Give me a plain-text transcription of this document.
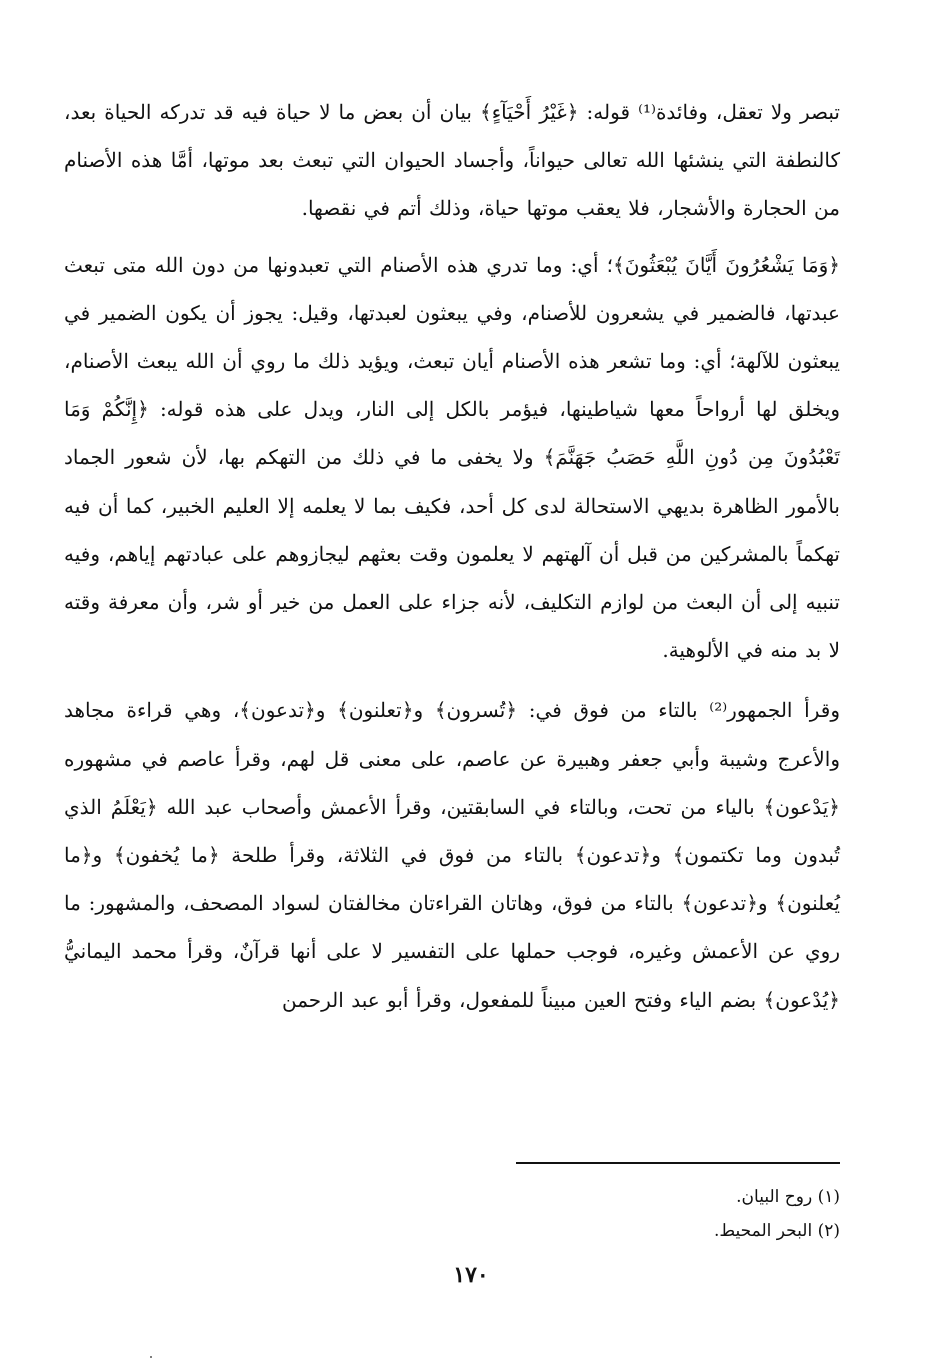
تبصر ولا تعقل، وفائدة⁽¹⁾ قوله: ﴿غَيْرُ أَحْيَآءٍ﴾ بيان أن بعض ما لا حياة فيه قد تدركه الحياة بعد، كالنطفة التي ينشئها الله تعالى حيواناً، وأجساد الحيوان التي تبعث بعد موتها، أمَّا هذه الأصنام من الحجارة والأشجار، فلا يعقب موتها حياة، وذلك أتم في نقصها.

﴿وَمَا يَشْعُرُونَ أَيَّانَ يُبْعَثُونَ﴾؛ أي: وما تدري هذه الأصنام التي تعبدونها من دون الله متى تبعث عبدتها، فالضمير في يشعرون للأصنام، وفي يبعثون لعبدتها، وقيل: يجوز أن يكون الضمير في يبعثون للآلهة؛ أي: وما تشعر هذه الأصنام أيان تبعث، ويؤيد ذلك ما روي أن الله يبعث الأصنام، ويخلق لها أرواحاً معها شياطينها، فيؤمر بالكل إلى النار، ويدل على هذه قوله: ﴿إِنَّكُمْ وَمَا تَعْبُدُونَ مِن دُونِ اللَّهِ حَصَبُ جَهَنَّمَ﴾ ولا يخفى ما في ذلك من التهكم بها، لأن شعور الجماد بالأمور الظاهرة بديهي الاستحالة لدى كل أحد، فكيف بما لا يعلمه إلا العليم الخبير، كما أن فيه تهكماً بالمشركين من قبل أن آلهتهم لا يعلمون وقت بعثهم ليجازوهم على عبادتهم إياهم، وفيه تنبيه إلى أن البعث من لوازم التكليف، لأنه جزاء على العمل من خير أو شر، وأن معرفة وقته لا بد منه في الألوهية.

وقرأ الجمهور⁽²⁾ بالتاء من فوق في: ﴿تُسرون﴾ و﴿تعلنون﴾ و﴿تدعون﴾، وهي قراءة مجاهد والأعرج وشيبة وأبي جعفر وهبيرة عن عاصم، على معنى قل لهم، وقرأ عاصم في مشهوره ﴿يَدْعون﴾ بالياء من تحت، وبالتاء في السابقتين، وقرأ الأعمش وأصحاب عبد الله ﴿يَعْلَمُ الذي تُبدون وما تكتمون﴾ و﴿تدعون﴾ بالتاء من فوق في الثلاثة، وقرأ طلحة ﴿ما يُخفون﴾ و﴿ما يُعلنون﴾ و﴿تدعون﴾ بالتاء من فوق، وهاتان القراءتان مخالفتان لسواد المصحف، والمشهور: ما روي عن الأعمش وغيره، فوجب حملها على التفسير لا على أنها قرآنٌ، وقرأ محمد اليمانيُّ ﴿يُدْعون﴾ بضم الياء وفتح العين مبيناً للمفعول، وقرأ أبو عبد الرحمن

(١) روح البيان.

(٢) البحر المحيط.

١٧٠
